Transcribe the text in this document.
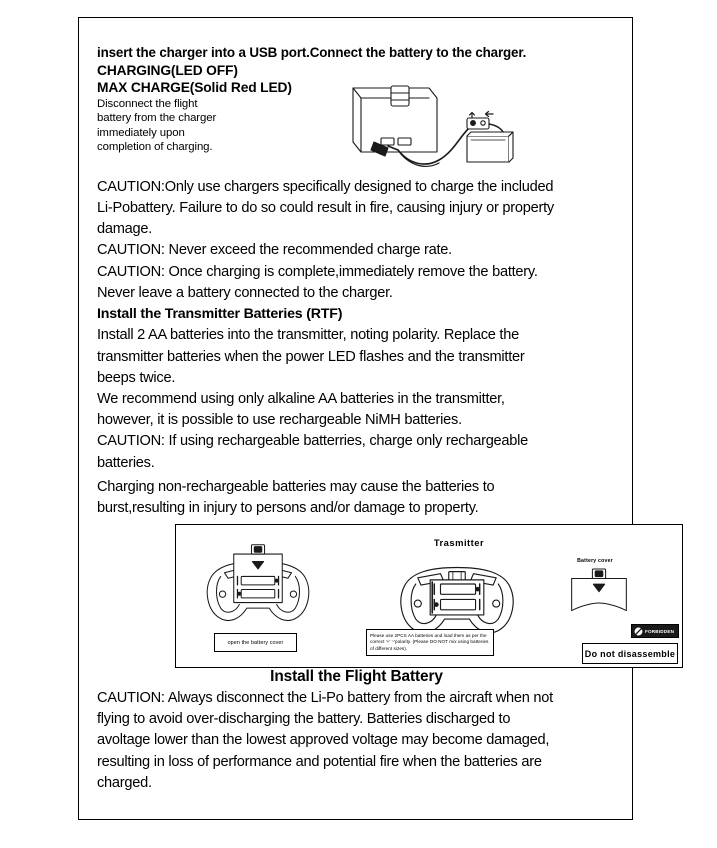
insert the charger into a USB port.Connect the battery to the charger.
CHARGING(LED OFF)
MAX CHARGE(Solid Red LED)
Disconnect the flight
battery from the charger
immediately upon
completion of charging.
CAUTION:Only use chargers specifically designed to charge the included
Li-Pobattery. Failure to do so could result in fire, causing injury or property
damage.
CAUTION: Never exceed the recommended charge rate.
CAUTION: Once charging is complete,immediately remove the battery.
Never leave a battery connected to the charger.
Install the Transmitter Batteries (RTF)
Install 2 AA batteries into the transmitter, noting polarity. Replace the
transmitter batteries when the power LED flashes and the transmitter
beeps twice.
We recommend using only alkaline AA batteries in the transmitter,
however, it is possible to use rechargeable NiMH batteries.
CAUTION: If using rechargeable batterries, charge only rechargeable
batteries.
Charging non-rechargeable batteries may cause the batteries to
burst,resulting in injury to persons and/or damage to property.
Trasmitter
Battery cover
open the battery cover
Please use 2PCS AA batteries and load them as per the correct '+' '-'polarity. (Please DO NOT mix using batteries of different sizes).
FORBIDDEN
Do not disassemble
Install the Flight Battery
CAUTION: Always disconnect the Li-Po battery from the aircraft when not
flying to avoid over-discharging the battery. Batteries discharged to
avoltage lower than the lowest approved voltage may become damaged,
resulting in loss of performance and potential fire when the batteries are
charged.
